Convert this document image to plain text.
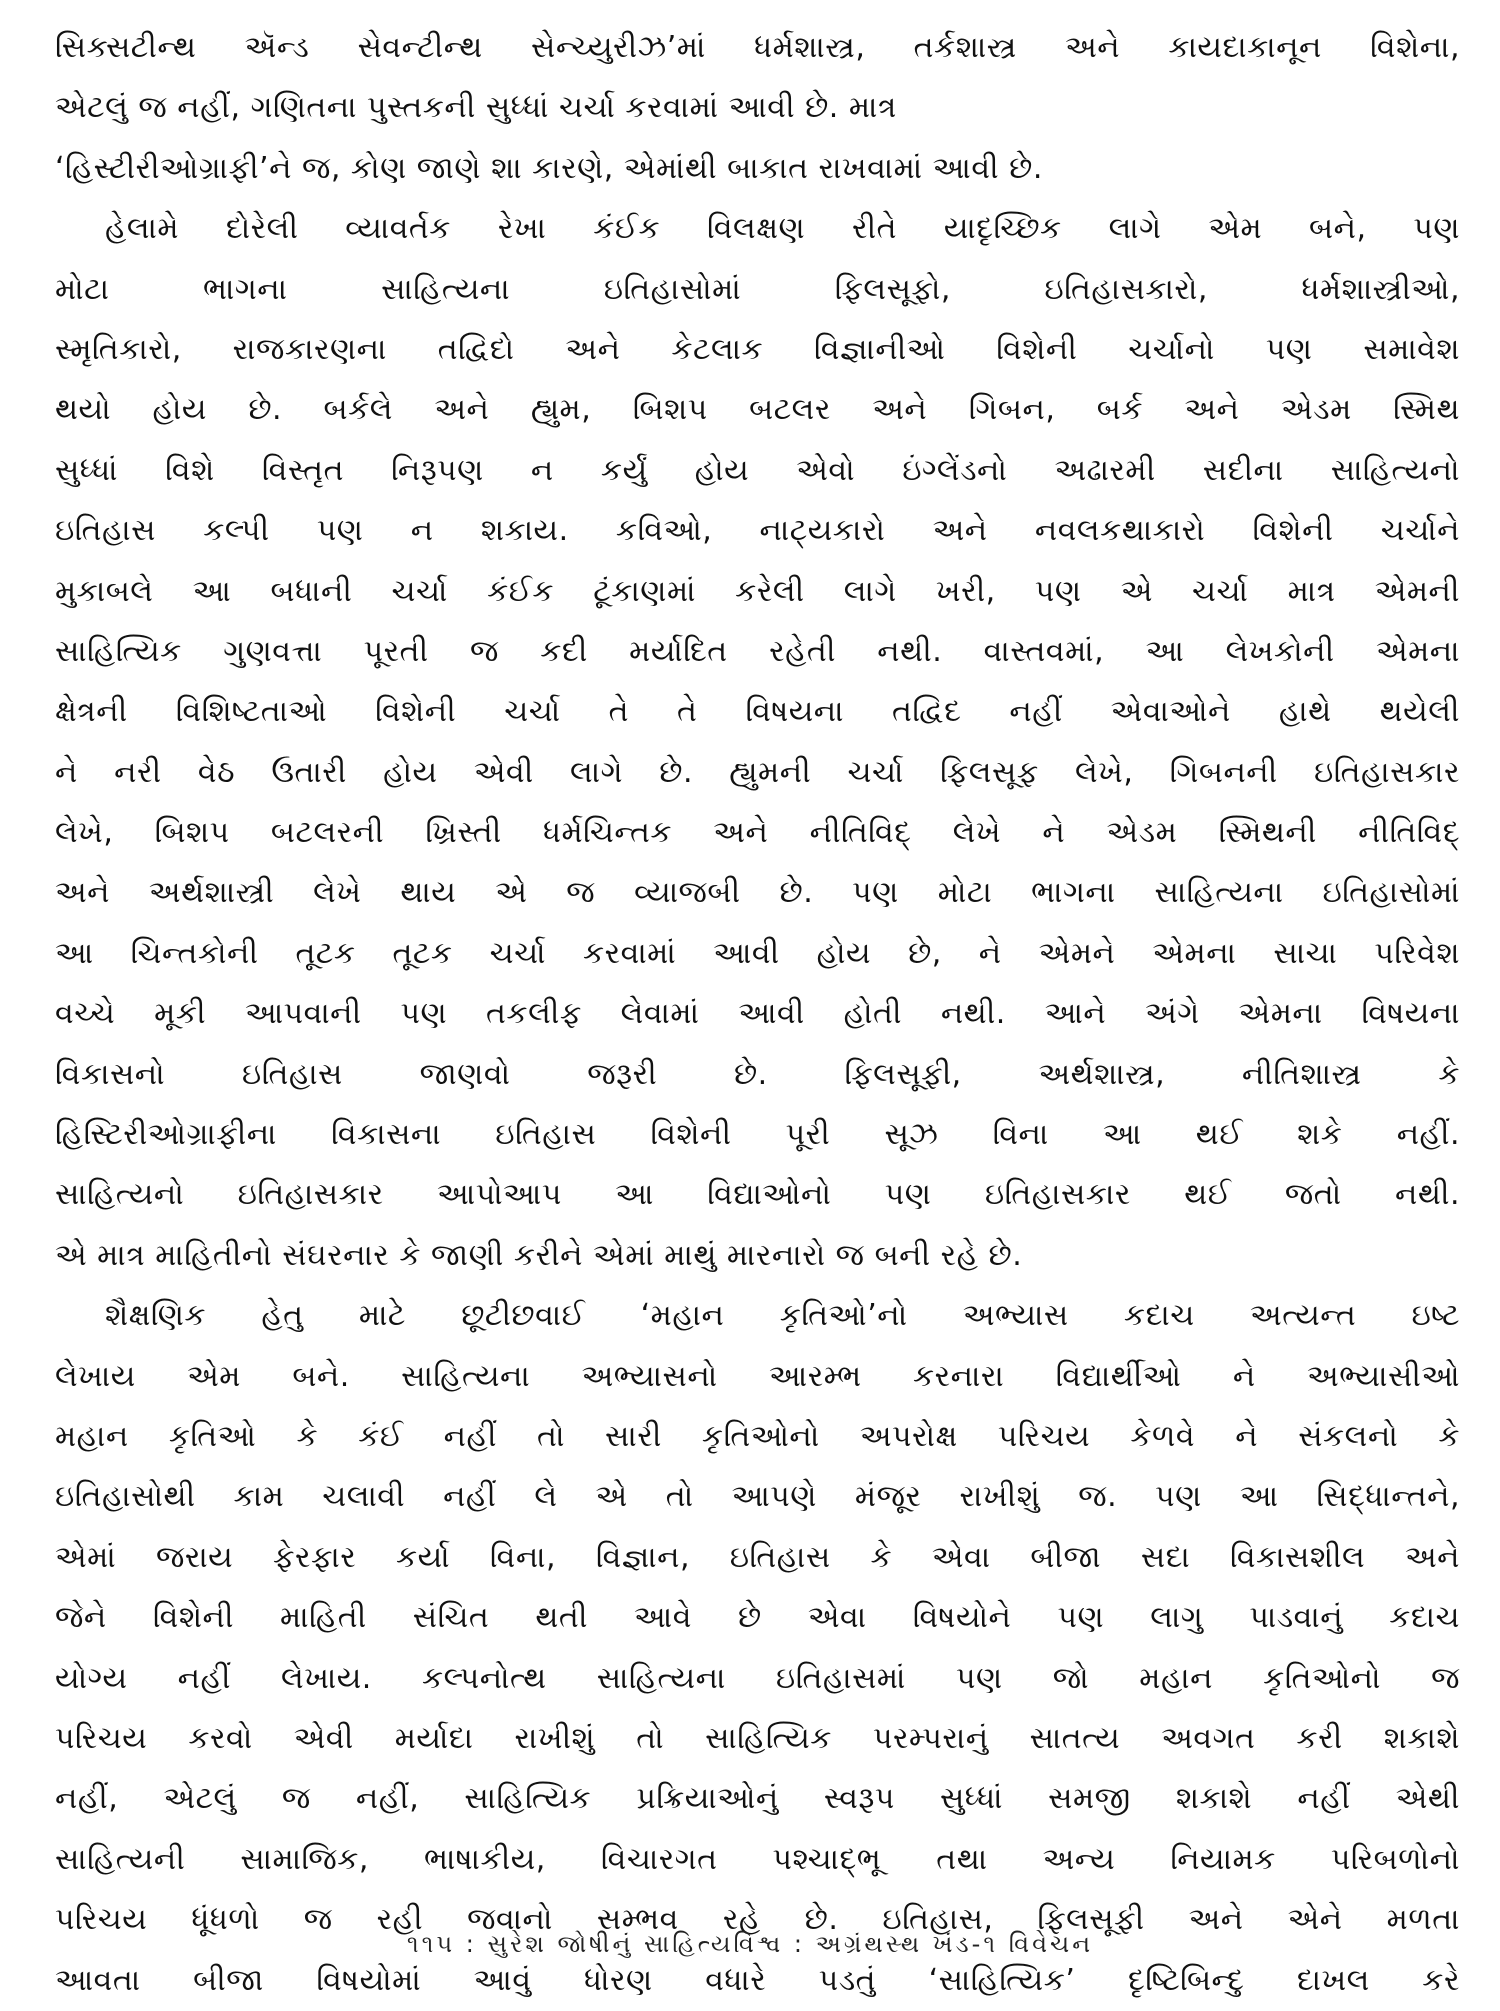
સિક્સટીન્થ ઍન્ડ સેવન્ટીન્થ સેન્ચ્યુરીઝ’માં ધર્મશાસ્ત્ર, તર્કશાસ્ત્ર અને કાયદાકાનૂન વિશેના,
એટલું જ નહીં, ગણિતના પુસ્તકની સુધ્ધાં ચર્ચા કરવામાં આવી છે. માત્ર
‘હિસ્ટીરીઓગ્રાફી’ને જ, કોણ જાણે શા કારણે, એમાંથી બાકાત રાખવામાં આવી છે.
હેલામે દોરેલી વ્યાવર્તક રેખા કંઈક વિલક્ષણ રીતે યાદૃચ્છિક લાગે એમ બને, પણ
મોટા ભાગના સાહિત્યના ઇતિહાસોમાં ફિલસૂફો, ઇતિહાસકારો, ધર્મશાસ્ત્રીઓ,
સ્મૃતિકારો, રાજકારણના તદ્વિદો અને કેટલાક વિજ્ઞાનીઓ વિશેની ચર્ચાનો પણ સમાવેશ
થયો હોય છે. બર્કલે અને હ્યુમ, બિશપ બટલર અને ગિબન, બર્ક અને એડમ સ્મિથ
સુધ્ધાં વિશે વિસ્તૃત નિરૂપણ ન કર્યું હોય એવો ઇંગ્લેંડનો અઢારમી સદીના સાહિત્યનો
ઇતિહાસ કલ્પી પણ ન શકાય. કવિઓ, નાટ્યકારો અને નવલકથાકારો વિશેની ચર્ચાને
મુકાબલે આ બધાની ચર્ચા કંઈક ટૂંકાણમાં કરેલી લાગે ખરી, પણ એ ચર્ચા માત્ર એમની
સાહિત્યિક ગુણવત્તા પૂરતી જ કદી મર્યાદિત રહેતી નથી. વાસ્તવમાં, આ લેખકોની એમના
ક્ષેત્રની વિશિષ્ટતાઓ વિશેની ચર્ચા તે તે વિષયના તદ્વિદ નહીં એવાઓને હાથે થયેલી
ને નરી વેઠ ઉતારી હોય એવી લાગે છે. હ્યુમની ચર્ચા ફિલસૂફ લેખે, ગિબનની ઇતિહાસકાર
લેખે, બિશપ બટલરની ખ્રિસ્તી ધર્મચિન્તક અને નીતિવિદ્ લેખે ને એડમ સ્મિથની નીતિવિદ્
અને અર્થશાસ્ત્રી લેખે થાય એ જ વ્યાજબી છે. પણ મોટા ભાગના સાહિત્યના ઇતિહાસોમાં
આ ચિન્તકોની તૂટક તૂટક ચર્ચા કરવામાં આવી હોય છે, ને એમને એમના સાચા પરિવેશ
વચ્ચે મૂકી આપવાની પણ તકલીફ લેવામાં આવી હોતી નથી. આને અંગે એમના વિષયના
વિકાસનો ઇતિહાસ જાણવો જરૂરી છે. ફિલસૂફી, અર્થશાસ્ત્ર, નીતિશાસ્ત્ર કે
હિસ્ટિરીઓગ્રાફીના વિકાસના ઇતિહાસ વિશેની પૂરી સૂઝ વિના આ થઈ શકે નહીં.
સાહિત્યનો ઇતિહાસકાર આપોઆપ આ વિદ્યાઓનો પણ ઇતિહાસકાર થઈ જતો નથી.
એ માત્ર માહિતીનો સંઘરનાર કે જાણી કરીને એમાં માથું મારનારો જ બની રહે છે.
શૈક્ષણિક હેતુ માટે છૂટીછવાઈ ‘મહાન કૃતિઓ’નો અભ્યાસ કદાચ અત્યન્ત ઇષ્ટ
લેખાય એમ બને. સાહિત્યના અભ્યાસનો આરમ્ભ કરનારા વિદ્યાર્થીઓ ને અભ્યાસીઓ
મહાન કૃતિઓ કે કંઈ નહીં તો સારી કૃતિઓનો અપરોક્ષ પરિચય કેળવે ને સંકલનો કે
ઇતિહાસોથી કામ ચલાવી નહીં લે એ તો આપણે મંજૂર રાખીશું જ. પણ આ સિદ્ધાન્તને,
એમાં જરાય ફેરફાર કર્યા વિના, વિજ્ઞાન, ઇતિહાસ કે એવા બીજા સદા વિકાસશીલ અને
જેને વિશેની માહિતી સંચિત થતી આવે છે એવા વિષયોને પણ લાગુ પાડવાનું કદાચ
યોગ્ય નહીં લેખાય. કલ્પનોત્થ સાહિત્યના ઇતિહાસમાં પણ જો મહાન કૃતિઓનો જ
પરિચય કરવો એવી મર્યાદા રાખીશું તો સાહિત્યિક પરમ્પરાનું સાતત્ય અવગત કરી શકાશે
નહીં, એટલું જ નહીં, સાહિત્યિક પ્રક્રિયાઓનું સ્વરૂપ સુધ્ધાં સમજી શકાશે નહીં એથી
સાહિત્યની સામાજિક, ભાષાકીય, વિચારગત પશ્ચાદ્ભૂ તથા અન્ય નિયામક પરિબળોનો
પરિચય ધૂંધળો જ રહી જવાનો સમ્ભવ રહે છે. ઇતિહાસ, ફિલસૂફી અને એને મળતા
આવતા બીજા વિષયોમાં આવું ધોરણ વધારે પડતું ‘સાહિત્યિક’ દૃષ્ટિબિન્દુ દાખલ કરે
૧૧૫ : સુરેશ જોષીનું સાહિત્યવિશ્વ : અગ્રંથસ્થ ખંડ-૧ વિવેચન
